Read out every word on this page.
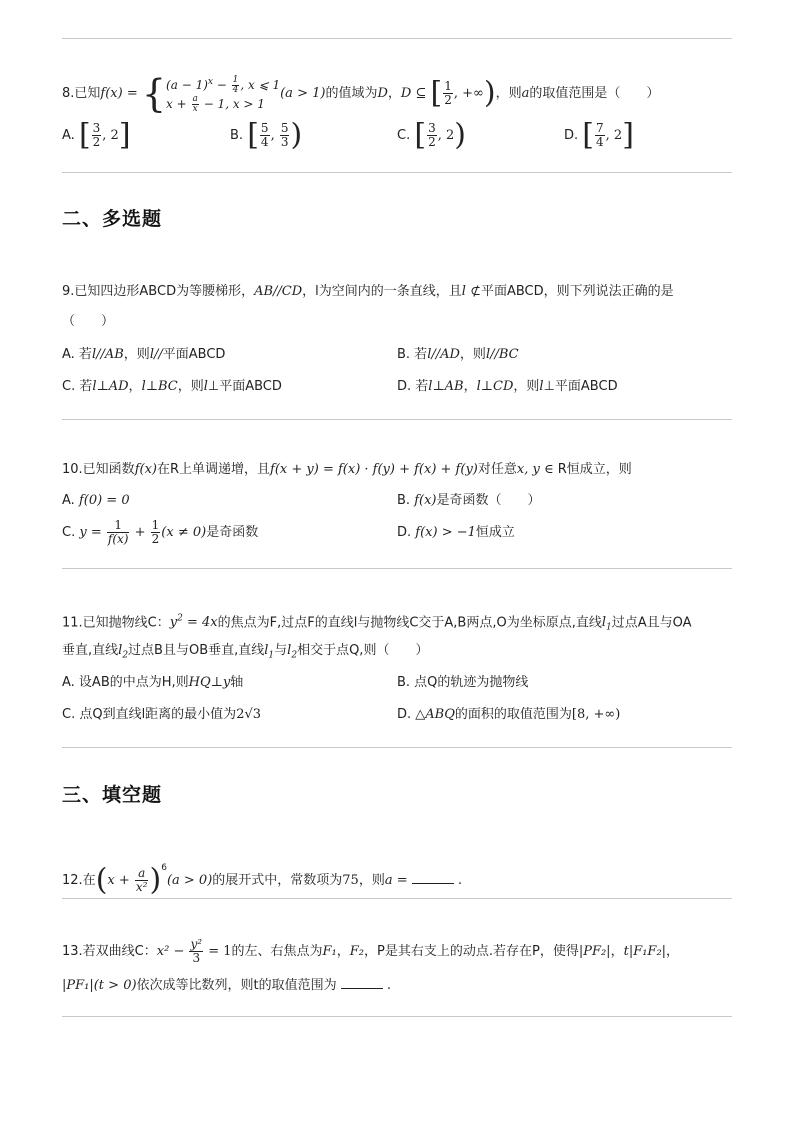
8.已知f(x) = { $(a - 1)^x - \frac{1}{4}$ , x ⩽ 1
$x + \frac{a}{x} - 1$, x > 1
(a > 1)的值域为D，D ⊆ [ $\frac{1}{2}$ , +∞)，则a的取值范围是（　　）
A. [ $\frac{3}{2}$ , 2]	B. [ $\frac{5}{4}$ , $\frac{5}{3}$ )	C. [ $\frac{3}{2}$ , 2)	D. [ $\frac{7}{4}$ , 2]
二、多选题
9.已知四边形ABCD为等腰梯形，AB//CD，l为空间内的一条直线，且l ⊄平面ABCD，则下列说法正确的是
（　　）
A. 若l//AB，则l//平面ABCD	B. 若l//AD，则l//BC
C. 若l⊥AD，l⊥BC，则l⊥平面ABCD	D. 若l⊥AB，l⊥CD，则l⊥平面ABCD
10.已知函数f(x)在R上单调递增，且f(x + y) = f(x) · f(y) + f(x) + f(y)对任意x, y ∈ R恒成立，则
A. f(0) = 0	B. f(x)是奇函数（　　）
C. $y = \frac{1}{f(x)} + \frac{1}{2} (x \ne 0)$是奇函数	D. f(x) > −1恒成立
11.已知抛物线C：$y^2 = 4x$的焦点为F,过点F的直线l与抛物线C交于A,B两点,O为坐标原点,直线$l_1$过点A且与OA
垂直,直线$l_2$过点B且与OB垂直,直线$l_1$与$l_2$相交于点Q,则（　　）
A. 设AB的中点为H,则HQ⊥y轴	B. 点Q的轨迹为抛物线
C. 点Q到直线l距离的最小值为2√3	D. △ABQ的面积的取值范围为[8, +∞)
三、填空题
12.在$(x + \frac{a}{\text{x²}} )^6(a > 0)$的展开式中，常数项为75，则a =	.
13.若双曲线C：$x^2 - \frac{\text{y²}}{3} = 1$的左、右焦点为F₁，F₂，P是其右支上的动点.若存在P，使得|PF₂|，t|F₁F₂|，
|PF₁|(t > 0)依次成等比数列，则t的取值范围为	.
